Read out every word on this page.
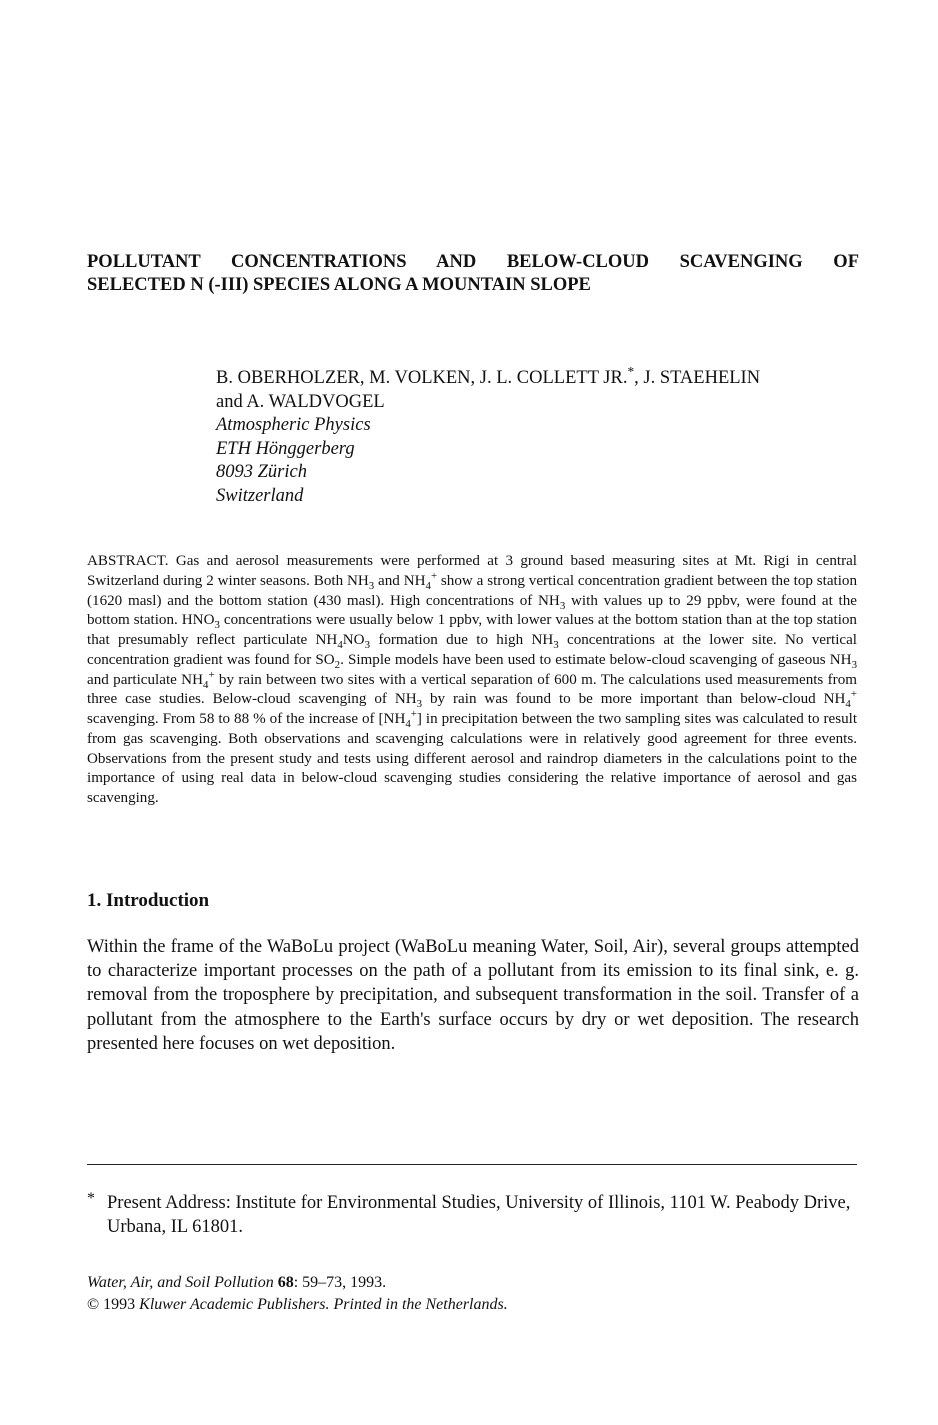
POLLUTANT CONCENTRATIONS AND BELOW-CLOUD SCAVENGING OF
SELECTED N (-III) SPECIES ALONG A MOUNTAIN SLOPE
B. OBERHOLZER, M. VOLKEN, J. L. COLLETT JR.*, J. STAEHELIN
and A. WALDVOGEL
Atmospheric Physics
ETH Hönggerberg
8093 Zürich
Switzerland

ABSTRACT. Gas and aerosol measurements were performed at 3 ground based measuring sites at Mt. Rigi in central Switzerland during 2 winter seasons. Both $NH_3$ and $NH_4^+$ show a strong vertical concentration gradient between the top station (1620 masl) and the bottom station (430 masl). High concentrations of $NH_3$ with values up to 29 ppbv, were found at the bottom station. $HNO_3$ concentrations were usually below 1 ppbv, with lower values at the bottom station than at the top station that presumably reflect particulate $NH_4NO_3$ formation due to high $NH_3$ concentrations at the lower site. No vertical concentration gradient was found for $SO_2$. Simple models have been used to estimate below-cloud scavenging of gaseous $NH_3$ and particulate $NH_4^+$ by rain between two sites with a vertical separation of 600 m. The calculations used measurements from three case studies. Below-cloud scavenging of $NH_3$ by rain was found to be more important than below-cloud $NH_4^+$ scavenging. From 58 to 88 % of the increase of $[NH_4^+]$ in precipitation between the two sampling sites was calculated to result from gas scavenging. Both observations and scavenging calculations were in relatively good agreement for three events. Observations from the present study and tests using different aerosol and raindrop diameters in the calculations point to the importance of using real data in below-cloud scavenging studies considering the relative importance of aerosol and gas scavenging.

1. Introduction

Within the frame of the WaBoLu project (WaBoLu meaning Water, Soil, Air), several groups attempted to characterize important processes on the path of a pollutant from its emission to its final sink, e. g. removal from the troposphere by precipitation, and subsequent transformation in the soil. Transfer of a pollutant from the atmosphere to the Earth's surface occurs by dry or wet deposition. The research presented here focuses on wet deposition.

* Present Address: Institute for Environmental Studies, University of Illinois, 1101 W. Peabody Drive, Urbana, IL 61801.

Water, Air, and Soil Pollution 68: 59–73, 1993.
© 1993 Kluwer Academic Publishers. Printed in the Netherlands.
